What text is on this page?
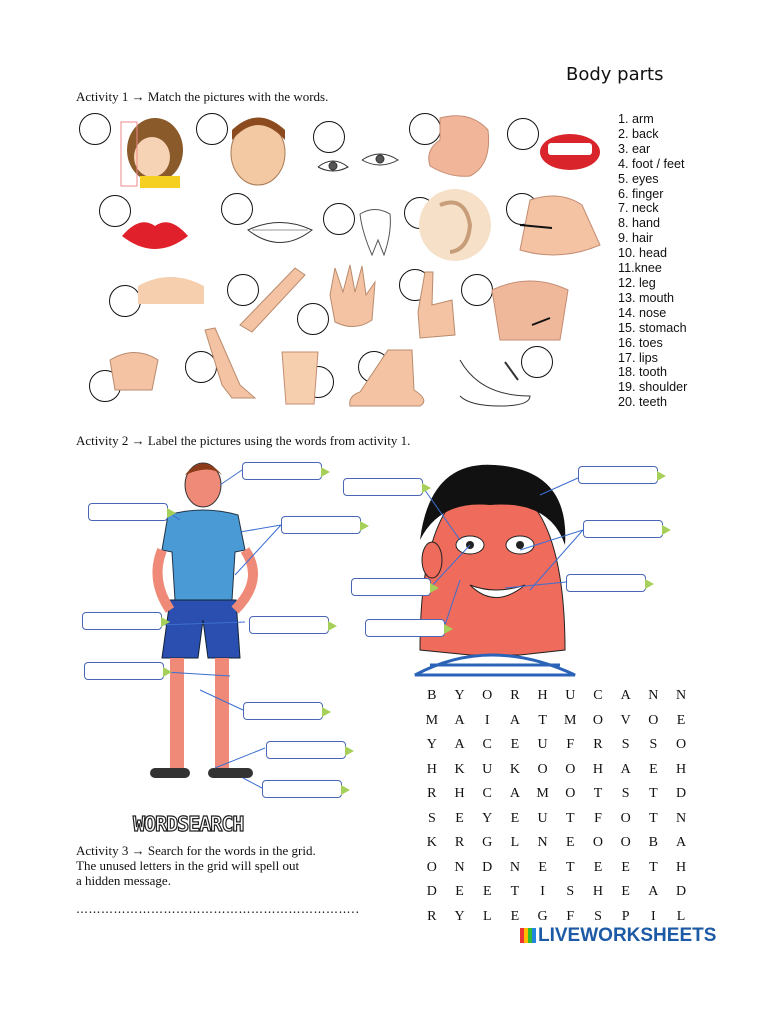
Body parts
Activity 1 → Match the pictures with the words.
1. arm
2. back
3. ear
4. foot / feet
5. eyes
6. finger
7. neck
8. hand
9. hair
10. head
11.knee
12. leg
13. mouth
14. nose
15. stomach
16. toes
17. lips
18. tooth
19. shoulder
20. teeth
Activity 2 → Label the pictures using the words from activity 1.
WORDSEARCH
Activity 3 → Search for the words in the grid.
The unused letters in the grid will spell out
a hidden message.
…………………………………………………………..
B	Y	O	R	H	U	C	A	N	N
M	A	I	A	T	M	O	V	O	E
Y	A	C	E	U	F	R	S	S	O
H	K	U	K	O	O	H	A	E	H
R	H	C	A	M	O	T	S	T	D
S	E	Y	E	U	T	F	O	T	N
K	R	G	L	N	E	O	O	B	A
O	N	D	N	E	T	E	E	T	H
D	E	E	T	I	S	H	E	A	D
R	Y	L	E	G	F	S	P	I	L
LIVEWORKSHEETS
